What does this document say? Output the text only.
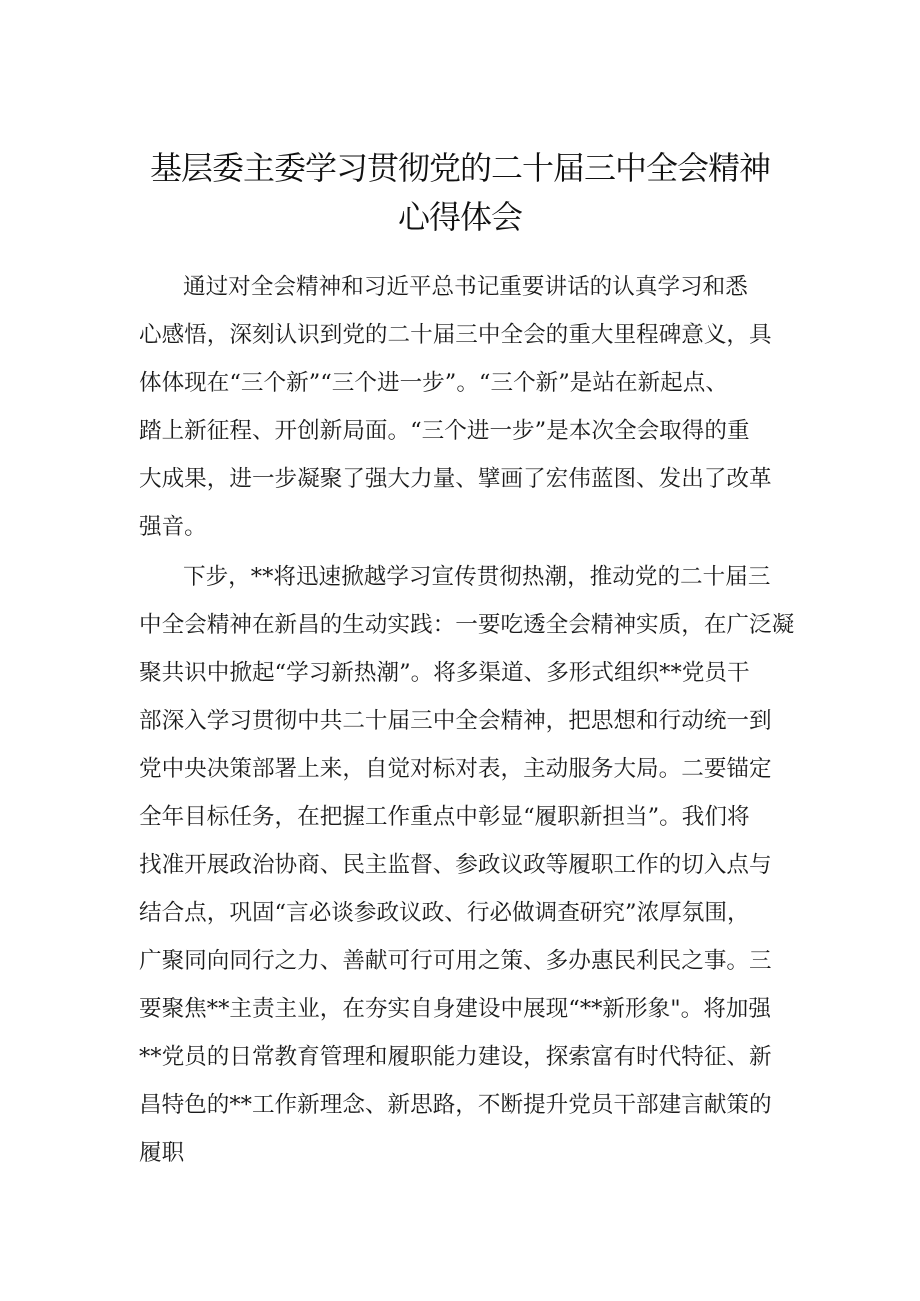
基层委主委学习贯彻党的二十届三中全会精神
心得体会
通过对全会精神和习近平总书记重要讲话的认真学习和悉
心感悟，深刻认识到党的二十届三中全会的重大里程碑意义，具
体体现在“三个新”“三个进一步”。“三个新”是站在新起点、
踏上新征程、开创新局面。“三个进一步”是本次全会取得的重
大成果，进一步凝聚了强大力量、擘画了宏伟蓝图、发出了改革
强音。
下步，**将迅速掀越学习宣传贯彻热潮，推动党的二十届三
中全会精神在新昌的生动实践：一要吃透全会精神实质，在广泛凝
聚共识中掀起“学习新热潮”。将多渠道、多形式组织**党员干
部深入学习贯彻中共二十届三中全会精神，把思想和行动统一到
党中央决策部署上来，自觉对标对表，主动服务大局。二要锚定
全年目标任务，在把握工作重点中彰显“履职新担当”。我们将
找准开展政治协商、民主监督、参政议政等履职工作的切入点与
结合点，巩固“言必谈参政议政、行必做调查研究”浓厚氛围，
广聚同向同行之力、善献可行可用之策、多办惠民利民之事。三
要聚焦**主责主业，在夯实自身建设中展现“**新形象"。将加强
**党员的日常教育管理和履职能力建设，探索富有时代特征、新
昌特色的**工作新理念、新思路，不断提升党员干部建言献策的
履职
